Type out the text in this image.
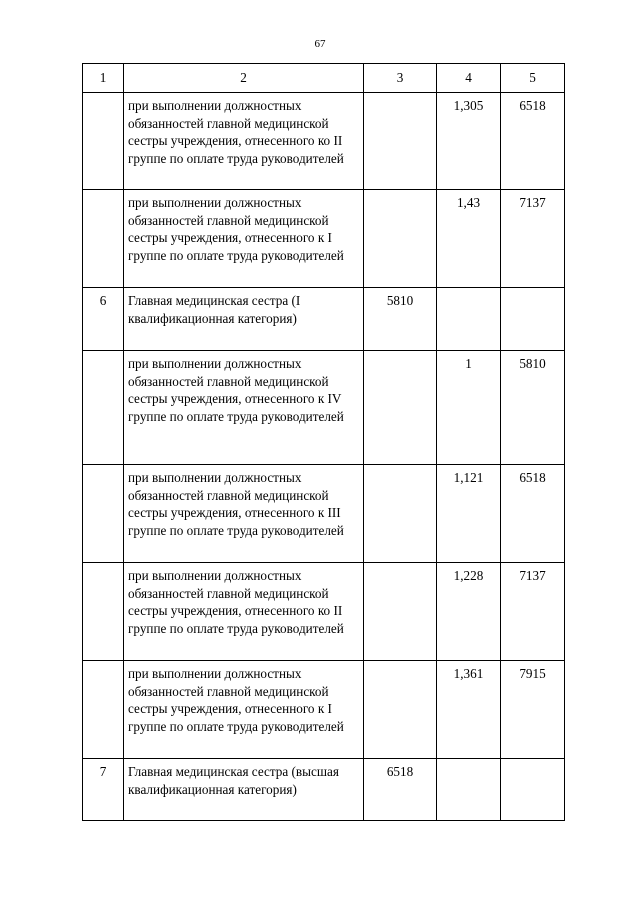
67
1	2	3	4	5
	при выполнении должностных обязанностей главной медицинской сестры учреждения, отнесенного ко II группе по оплате труда руководителей		1,305	6518
	при выполнении должностных обязанностей главной медицинской сестры учреждения, отнесенного к I группе по оплате труда руководителей		1,43	7137
6	Главная медицинская сестра (I квалификационная категория)	5810		
	при выполнении должностных обязанностей главной медицинской сестры учреждения, отнесенного к IV группе по оплате труда руководителей		1	5810
	при выполнении должностных обязанностей главной медицинской сестры учреждения, отнесенного к III группе по оплате труда руководителей		1,121	6518
	при выполнении должностных обязанностей главной медицинской сестры учреждения, отнесенного ко II группе по оплате труда руководителей		1,228	7137
	при выполнении должностных обязанностей главной медицинской сестры учреждения, отнесенного к I группе по оплате труда руководителей		1,361	7915
7	Главная медицинская сестра (высшая квалификационная категория)	6518		
